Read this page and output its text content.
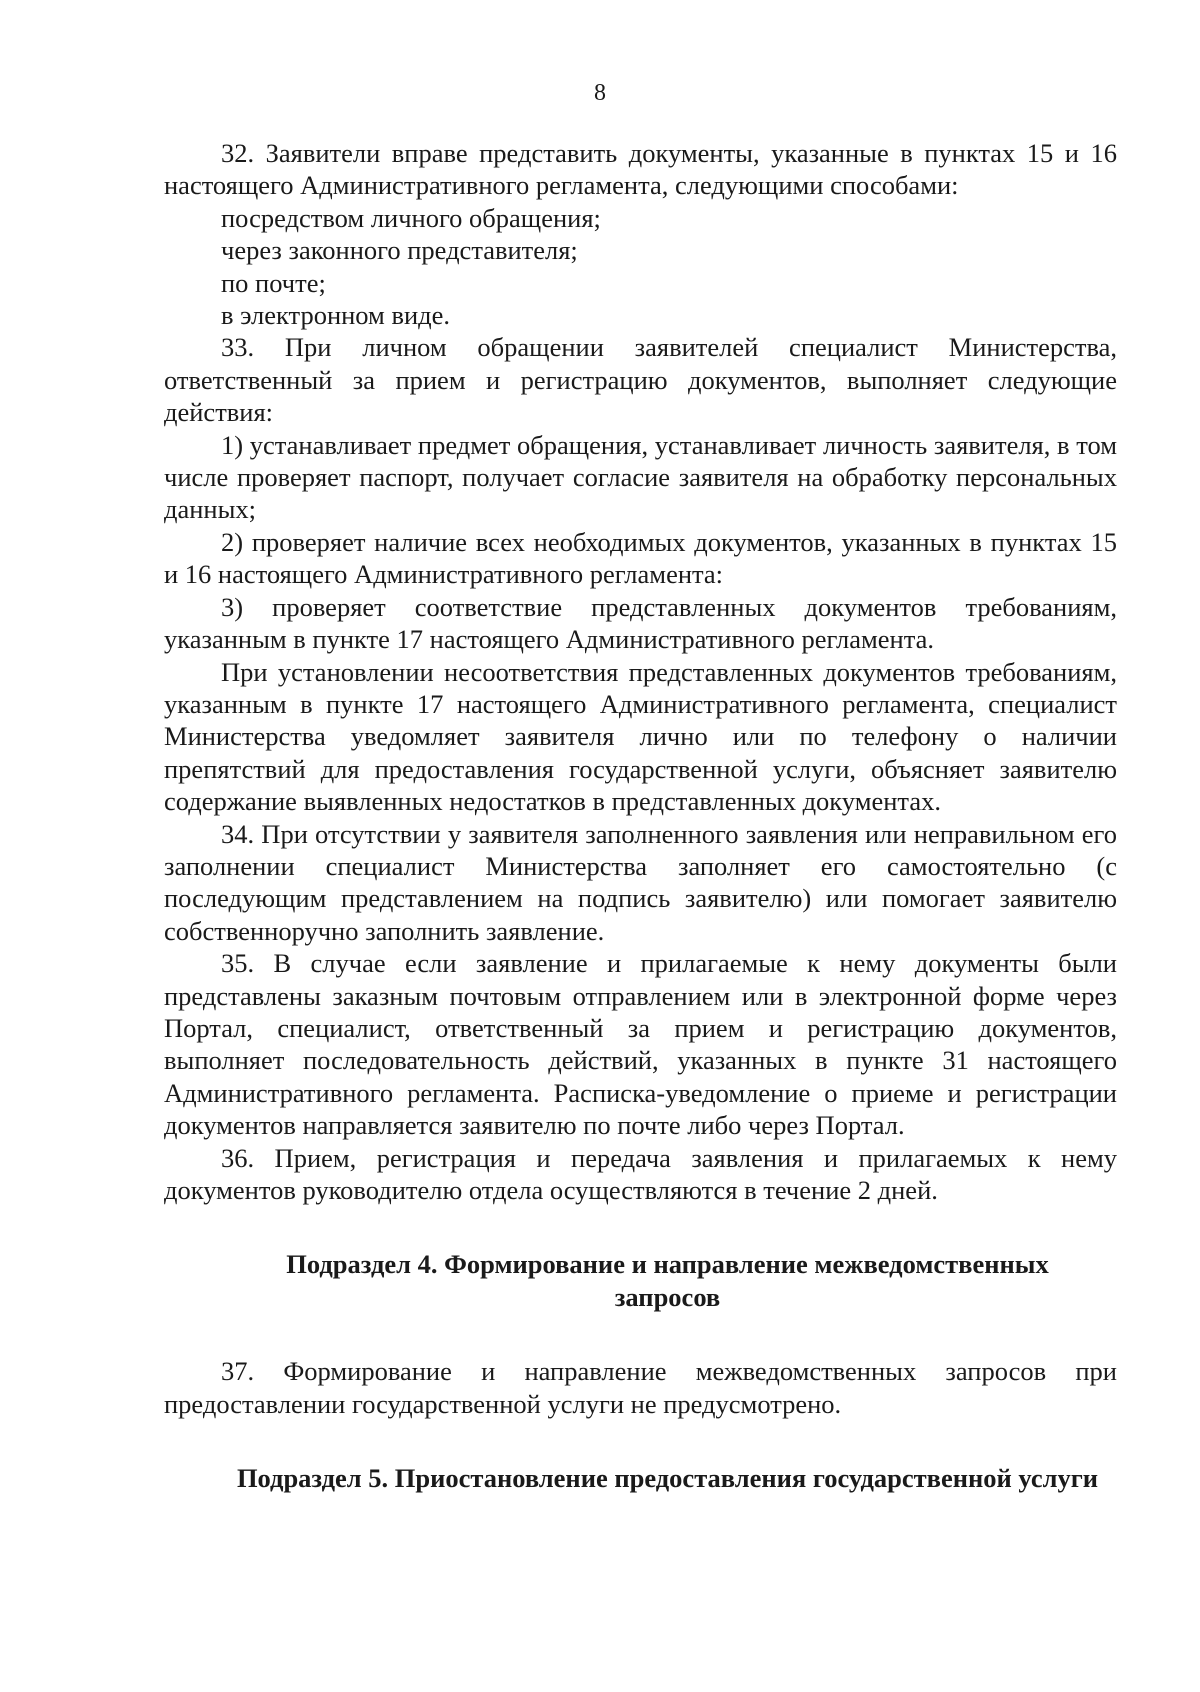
8

32. Заявители вправе представить документы, указанные в пунктах 15 и 16 настоящего Административного регламента, следующими способами:

посредством личного обращения;

через законного представителя;

по почте;

в электронном виде.

33. При личном обращении заявителей специалист Министерства, ответственный за прием и регистрацию документов, выполняет следующие действия:

1) устанавливает предмет обращения, устанавливает личность заявителя, в том числе проверяет паспорт, получает согласие заявителя на обработку персональных данных;

2) проверяет наличие всех необходимых документов, указанных в пунктах 15 и 16 настоящего Административного регламента:

3) проверяет соответствие представленных документов требованиям, указанным в пункте 17 настоящего Административного регламента.

При установлении несоответствия представленных документов требованиям, указанным в пункте 17 настоящего Административного регламента, специалист Министерства уведомляет заявителя лично или по телефону о наличии препятствий для предоставления государственной услуги, объясняет заявителю содержание выявленных недостатков в представленных документах.

34. При отсутствии у заявителя заполненного заявления или неправильном его заполнении специалист Министерства заполняет его самостоятельно (с последующим представлением на подпись заявителю) или помогает заявителю собственноручно заполнить заявление.

35. В случае если заявление и прилагаемые к нему документы были представлены заказным почтовым отправлением или в электронной форме через Портал, специалист, ответственный за прием и регистрацию документов, выполняет последовательность действий, указанных в пункте 31 настоящего Административного регламента. Расписка-уведомление о приеме и регистрации документов направляется заявителю по почте либо через Портал.

36. Прием, регистрация и передача заявления и прилагаемых к нему документов руководителю отдела осуществляются в течение 2 дней.

Подраздел 4. Формирование и направление межведомственных запросов

37. Формирование и направление межведомственных запросов при предоставлении государственной услуги не предусмотрено.

Подраздел 5. Приостановление предоставления государственной услуги
